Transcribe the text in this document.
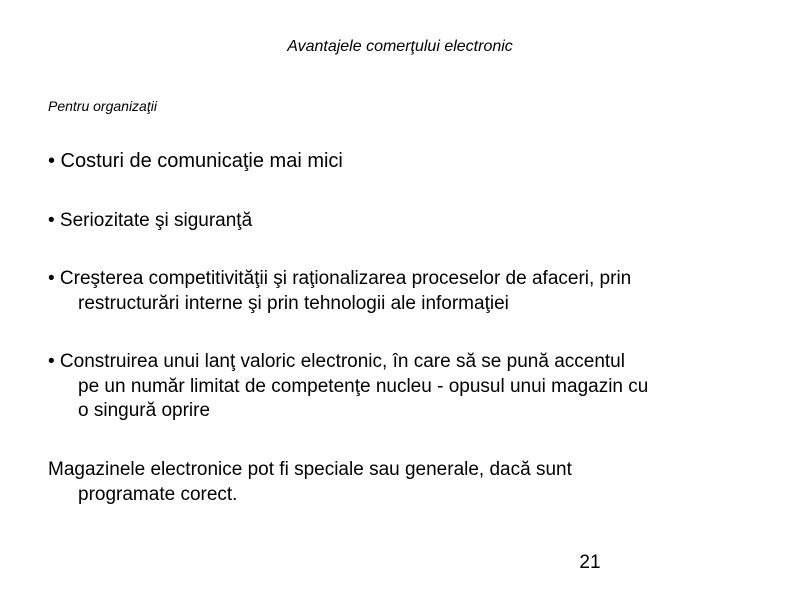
Avantajele comerţului electronic
Pentru organizaţii
• Costuri de comunicaţie mai mici
• Seriozitate şi siguranţă
• Creşterea competitivităţii şi raţionalizarea proceselor de afaceri, prin
restructurări interne şi prin tehnologii ale informaţiei
• Construirea unui lanţ valoric electronic, în care să se pună accentul
pe un număr limitat de competenţe nucleu - opusul unui magazin cu
o singură oprire
Magazinele electronice pot fi speciale sau generale, dacă sunt
programate corect.
21
